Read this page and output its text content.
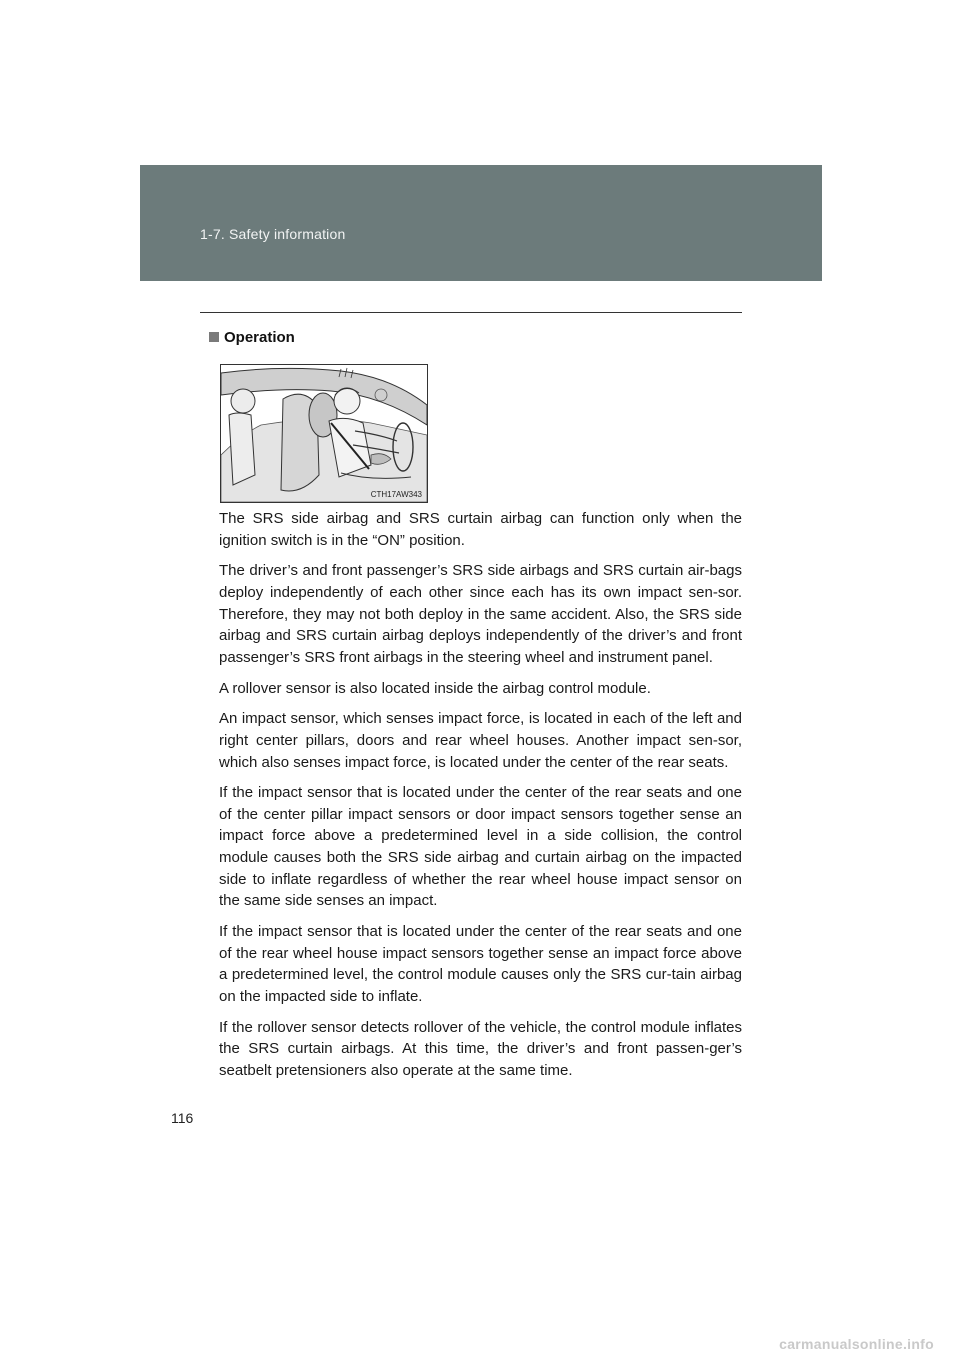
1-7. Safety information
Operation
CTH17AW343

The SRS side airbag and SRS curtain airbag can function only when the ignition switch is in the “ON” position.

The driver’s and front passenger’s SRS side airbags and SRS curtain air-bags deploy independently of each other since each has its own impact sen-sor. Therefore, they may not both deploy in the same accident. Also, the SRS side airbag and SRS curtain airbag deploys independently of the driver’s and front passenger’s SRS front airbags in the steering wheel and instrument panel.

A rollover sensor is also located inside the airbag control module.

An impact sensor, which senses impact force, is located in each of the left and right center pillars, doors and rear wheel houses. Another impact sen-sor, which also senses impact force, is located under the center of the rear seats.

If the impact sensor that is located under the center of the rear seats and one of the center pillar impact sensors or door impact sensors together sense an impact force above a predetermined level in a side collision, the control module causes both the SRS side airbag and curtain airbag on the impacted side to inflate regardless of whether the rear wheel house impact sensor on the same side senses an impact.

If the impact sensor that is located under the center of the rear seats and one of the rear wheel house impact sensors together sense an impact force above a predetermined level, the control module causes only the SRS cur-tain airbag on the impacted side to inflate.

If the rollover sensor detects rollover of the vehicle, the control module inflates the SRS curtain airbags. At this time, the driver’s and front passen-ger’s seatbelt pretensioners also operate at the same time.

116
carmanualsonline.info
